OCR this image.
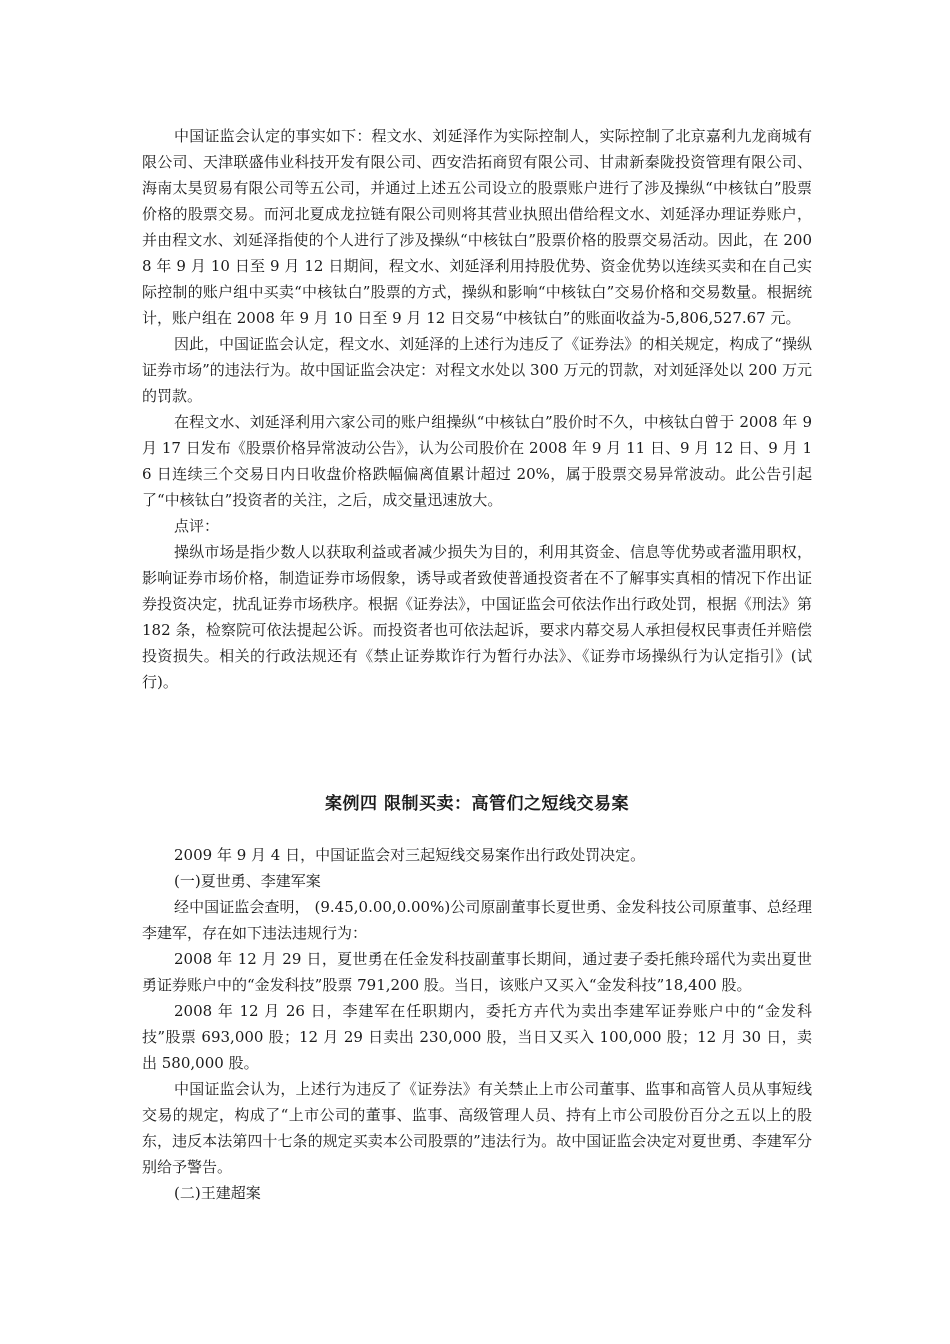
中国证监会认定的事实如下：程文水、刘延泽作为实际控制人，实际控制了北京嘉利九龙商城有限公司、天津联盛伟业科技开发有限公司、西安浩拓商贸有限公司、甘肃新秦陇投资管理有限公司、海南太昊贸易有限公司等五公司，并通过上述五公司设立的股票账户进行了涉及操纵“中核钛白”股票价格的股票交易。而河北夏成龙拉链有限公司则将其营业执照出借给程文水、刘延泽办理证券账户，并由程文水、刘延泽指使的个人进行了涉及操纵“中核钛白”股票价格的股票交易活动。因此，在 2008 年 9 月 10 日至 9 月 12 日期间，程文水、刘延泽利用持股优势、资金优势以连续买卖和在自己实际控制的账户组中买卖“中核钛白”股票的方式，操纵和影响“中核钛白”交易价格和交易数量。根据统计，账户组在 2008 年 9 月 10 日至 9 月 12 日交易“中核钛白”的账面收益为-5,806,527.67 元。

因此，中国证监会认定，程文水、刘延泽的上述行为违反了《证券法》的相关规定，构成了“操纵证券市场”的违法行为。故中国证监会决定：对程文水处以 300 万元的罚款，对刘延泽处以 200 万元的罚款。

在程文水、刘延泽利用六家公司的账户组操纵“中核钛白”股价时不久，中核钛白曾于 2008 年 9 月 17 日发布《股票价格异常波动公告》，认为公司股价在 2008 年 9 月 11 日、9 月 12 日、9 月 16 日连续三个交易日内日收盘价格跌幅偏离值累计超过 20%，属于股票交易异常波动。此公告引起了“中核钛白”投资者的关注，之后，成交量迅速放大。

点评：

操纵市场是指少数人以获取利益或者减少损失为目的，利用其资金、信息等优势或者滥用职权，影响证券市场价格，制造证券市场假象，诱导或者致使普通投资者在不了解事实真相的情况下作出证券投资决定，扰乱证券市场秩序。根据《证券法》，中国证监会可依法作出行政处罚，根据《刑法》第 182 条，检察院可依法提起公诉。而投资者也可依法起诉，要求内幕交易人承担侵权民事责任并赔偿投资损失。相关的行政法规还有《禁止证券欺诈行为暂行办法》、《证券市场操纵行为认定指引》(试行)。

案例四 限制买卖：高管们之短线交易案

2009 年 9 月 4 日，中国证监会对三起短线交易案作出行政处罚决定。

(一)夏世勇、李建军案

经中国证监会查明， (9.45,0.00,0.00%)公司原副董事长夏世勇、金发科技公司原董事、总经理李建军，存在如下违法违规行为：

2008 年 12 月 29 日，夏世勇在任金发科技副董事长期间，通过妻子委托熊玲瑶代为卖出夏世勇证券账户中的“金发科技”股票 791,200 股。当日，该账户又买入“金发科技”18,400 股。

2008 年 12 月 26 日，李建军在任职期内，委托方卉代为卖出李建军证券账户中的“金发科技”股票 693,000 股；12 月 29 日卖出 230,000 股，当日又买入 100,000 股；12 月 30 日，卖出 580,000 股。

中国证监会认为，上述行为违反了《证券法》有关禁止上市公司董事、监事和高管人员从事短线交易的规定，构成了“上市公司的董事、监事、高级管理人员、持有上市公司股份百分之五以上的股东，违反本法第四十七条的规定买卖本公司股票的”违法行为。故中国证监会决定对夏世勇、李建军分别给予警告。

(二)王建超案
